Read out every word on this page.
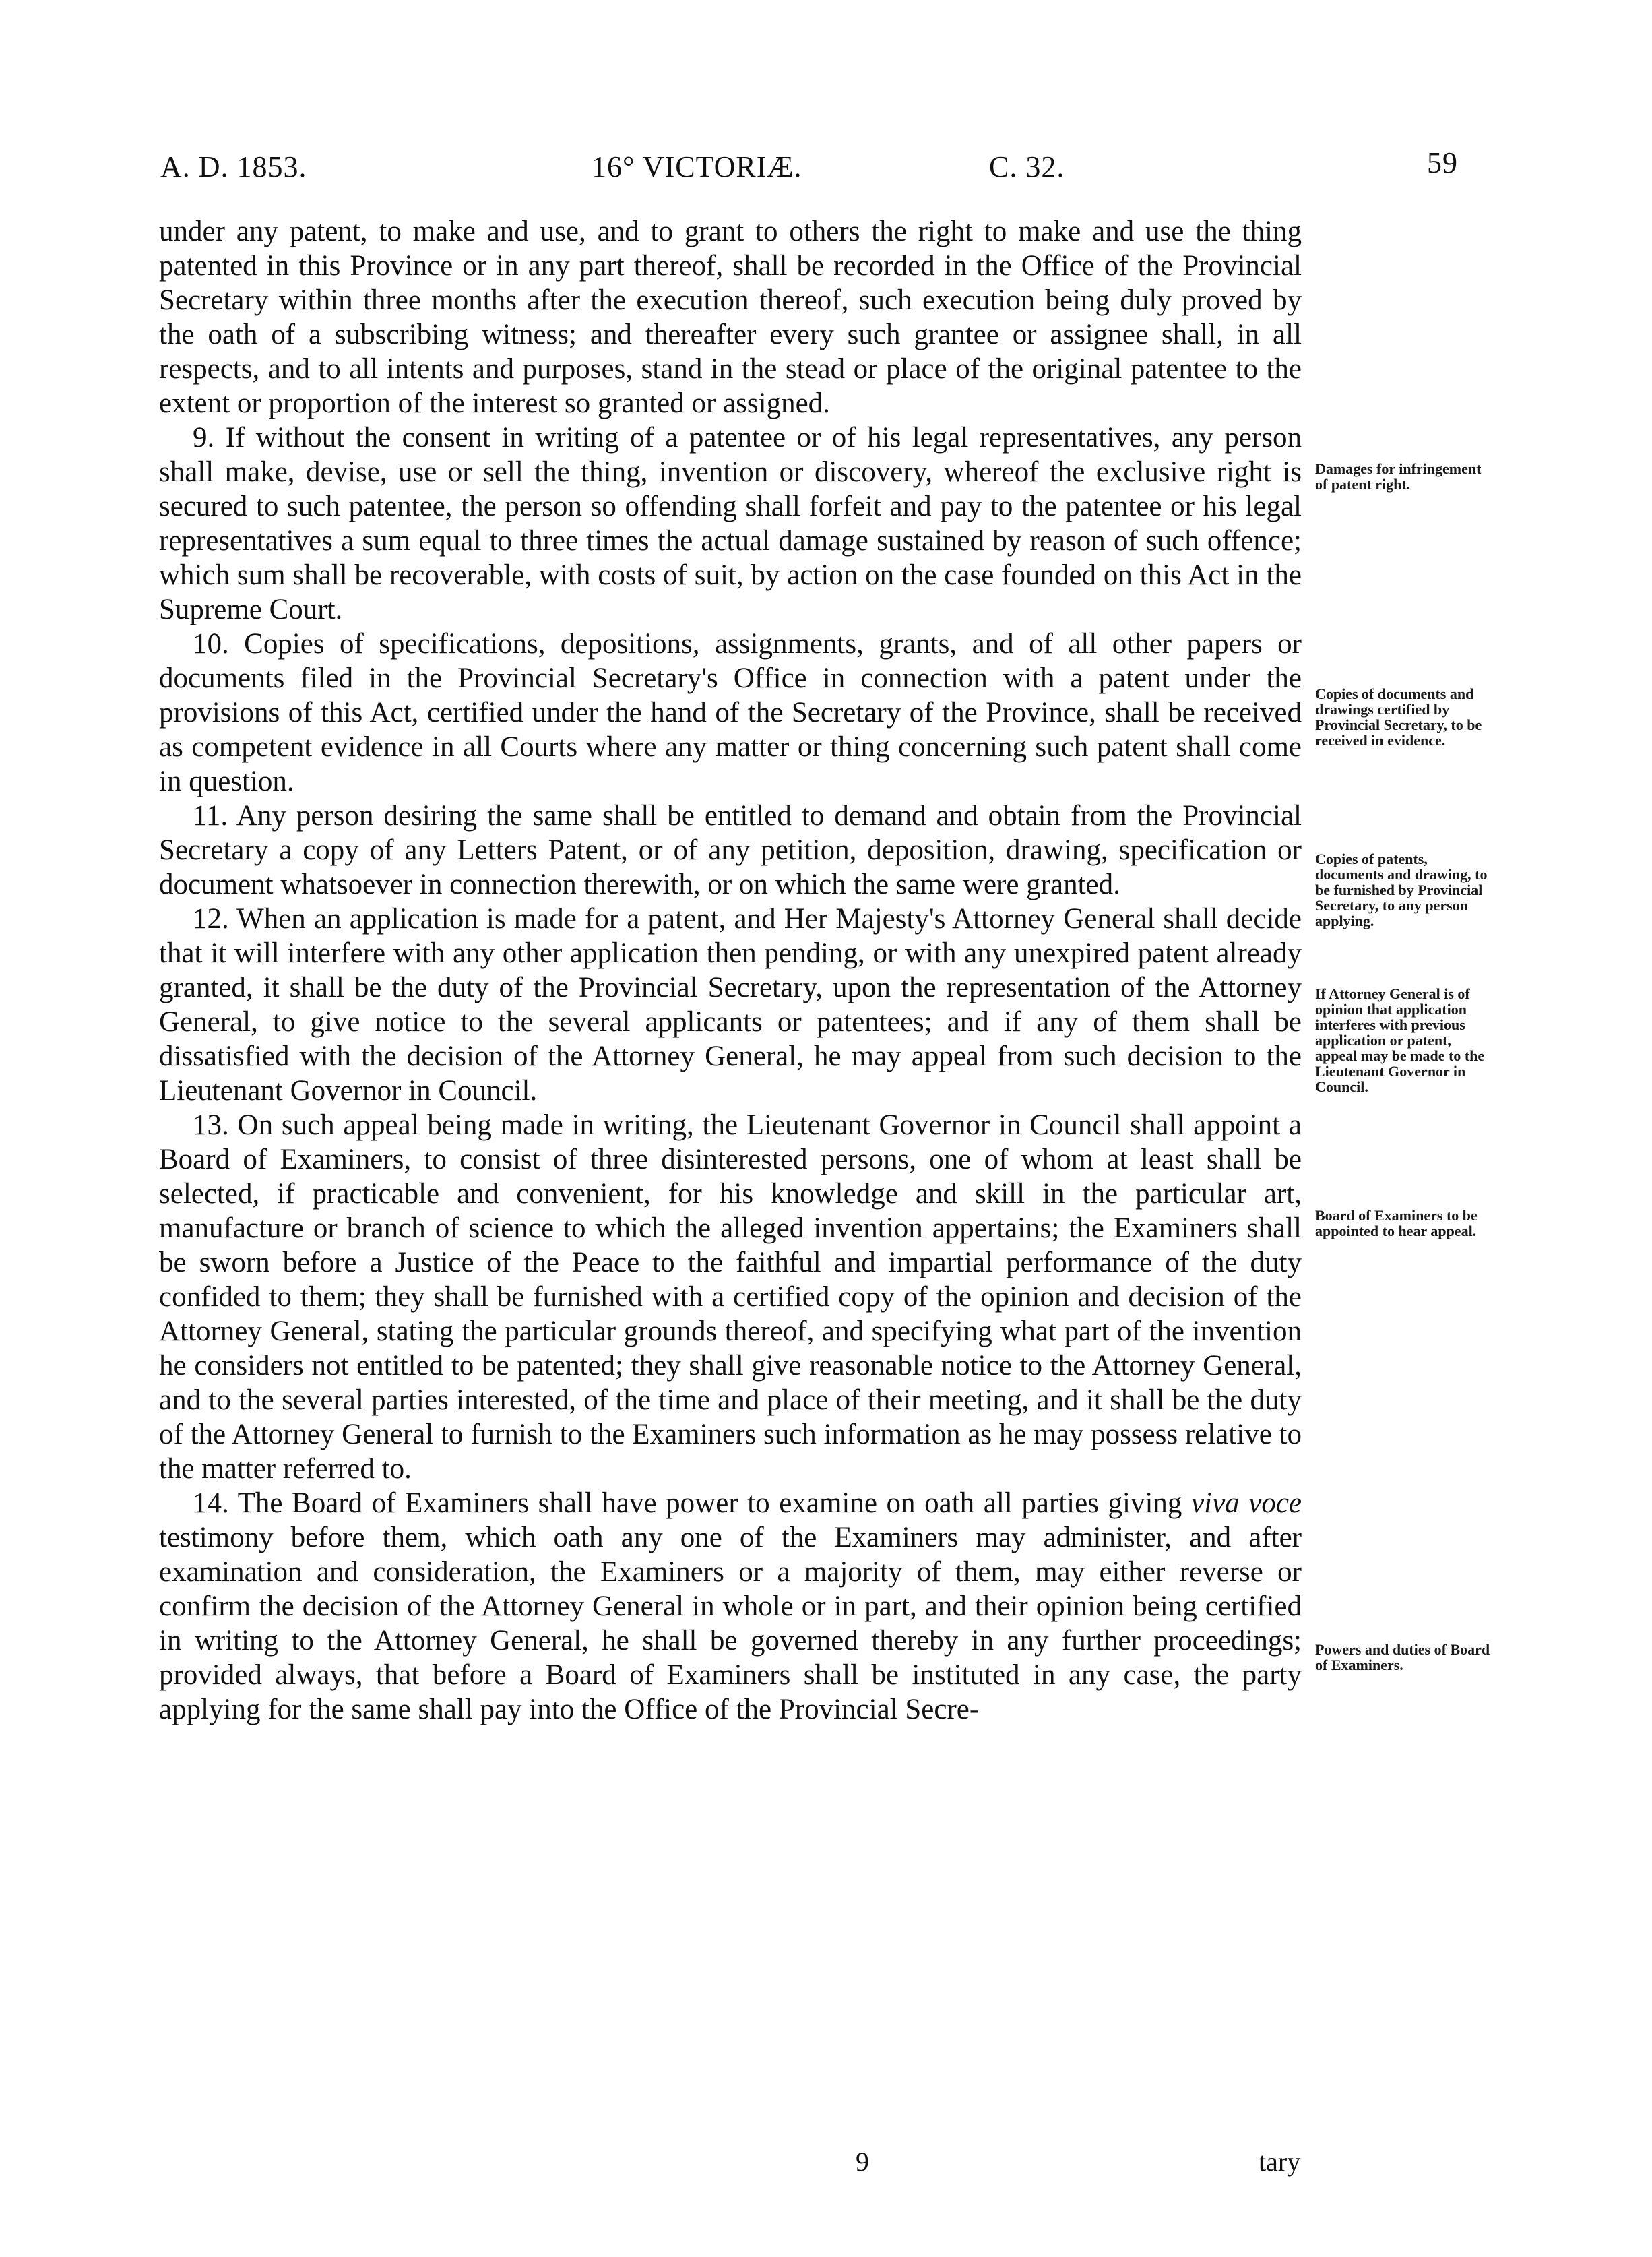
A. D. 1853.	16° VICTORIÆ.	C. 32.	59

under any patent, to make and use, and to grant to others the right to make and use the thing patented in this Province or in any part thereof, shall be recorded in the Office of the Provincial Secretary within three months after the execution thereof, such execution being duly proved by the oath of a subscribing witness; and thereafter every such grantee or assignee shall, in all respects, and to all intents and purposes, stand in the stead or place of the original patentee to the extent or proportion of the interest so granted or assigned.

9. If without the consent in writing of a patentee or of his legal representatives, any person shall make, devise, use or sell the thing, invention or discovery, whereof the exclusive right is secured to such patentee, the person so offending shall forfeit and pay to the patentee or his legal representatives a sum equal to three times the actual damage sustained by reason of such offence; which sum shall be recoverable, with costs of suit, by action on the case founded on this Act in the Supreme Court.

10. Copies of specifications, depositions, assignments, grants, and of all other papers or documents filed in the Provincial Secretary's Office in connection with a patent under the provisions of this Act, certified under the hand of the Secretary of the Province, shall be received as competent evidence in all Courts where any matter or thing concerning such patent shall come in question.

11. Any person desiring the same shall be entitled to demand and obtain from the Provincial Secretary a copy of any Letters Patent, or of any petition, deposition, drawing, specification or document whatsoever in connection therewith, or on which the same were granted.

12. When an application is made for a patent, and Her Majesty's Attorney General shall decide that it will interfere with any other application then pending, or with any unexpired patent already granted, it shall be the duty of the Provincial Secretary, upon the representation of the Attorney General, to give notice to the several applicants or patentees; and if any of them shall be dissatisfied with the decision of the Attorney General, he may appeal from such decision to the Lieutenant Governor in Council.

13. On such appeal being made in writing, the Lieutenant Governor in Council shall appoint a Board of Examiners, to consist of three disinterested persons, one of whom at least shall be selected, if practicable and convenient, for his knowledge and skill in the particular art, manufacture or branch of science to which the alleged invention appertains; the Examiners shall be sworn before a Justice of the Peace to the faithful and impartial performance of the duty confided to them; they shall be furnished with a certified copy of the opinion and decision of the Attorney General, stating the particular grounds thereof, and specifying what part of the invention he considers not entitled to be patented; they shall give reasonable notice to the Attorney General, and to the several parties interested, of the time and place of their meeting, and it shall be the duty of the Attorney General to furnish to the Examiners such information as he may possess relative to the matter referred to.

14. The Board of Examiners shall have power to examine on oath all parties giving viva voce testimony before them, which oath any one of the Examiners may administer, and after examination and consideration, the Examiners or a majority of them, may either reverse or confirm the decision of the Attorney General in whole or in part, and their opinion being certified in writing to the Attorney General, he shall be governed thereby in any further proceedings; provided always, that before a Board of Examiners shall be instituted in any case, the party applying for the same shall pay into the Office of the Provincial Secre-

Damages for infringement of patent right.
Copies of documents and drawings certified by Provincial Secretary, to be received in evidence.
Copies of patents, documents and drawing, to be furnished by Provincial Secretary, to any person applying.
If Attorney General is of opinion that application interferes with previous application or patent, appeal may be made to the Lieutenant Governor in Council.
Board of Examiners to be appointed to hear appeal.
Powers and duties of Board of Examiners.
9	tary
